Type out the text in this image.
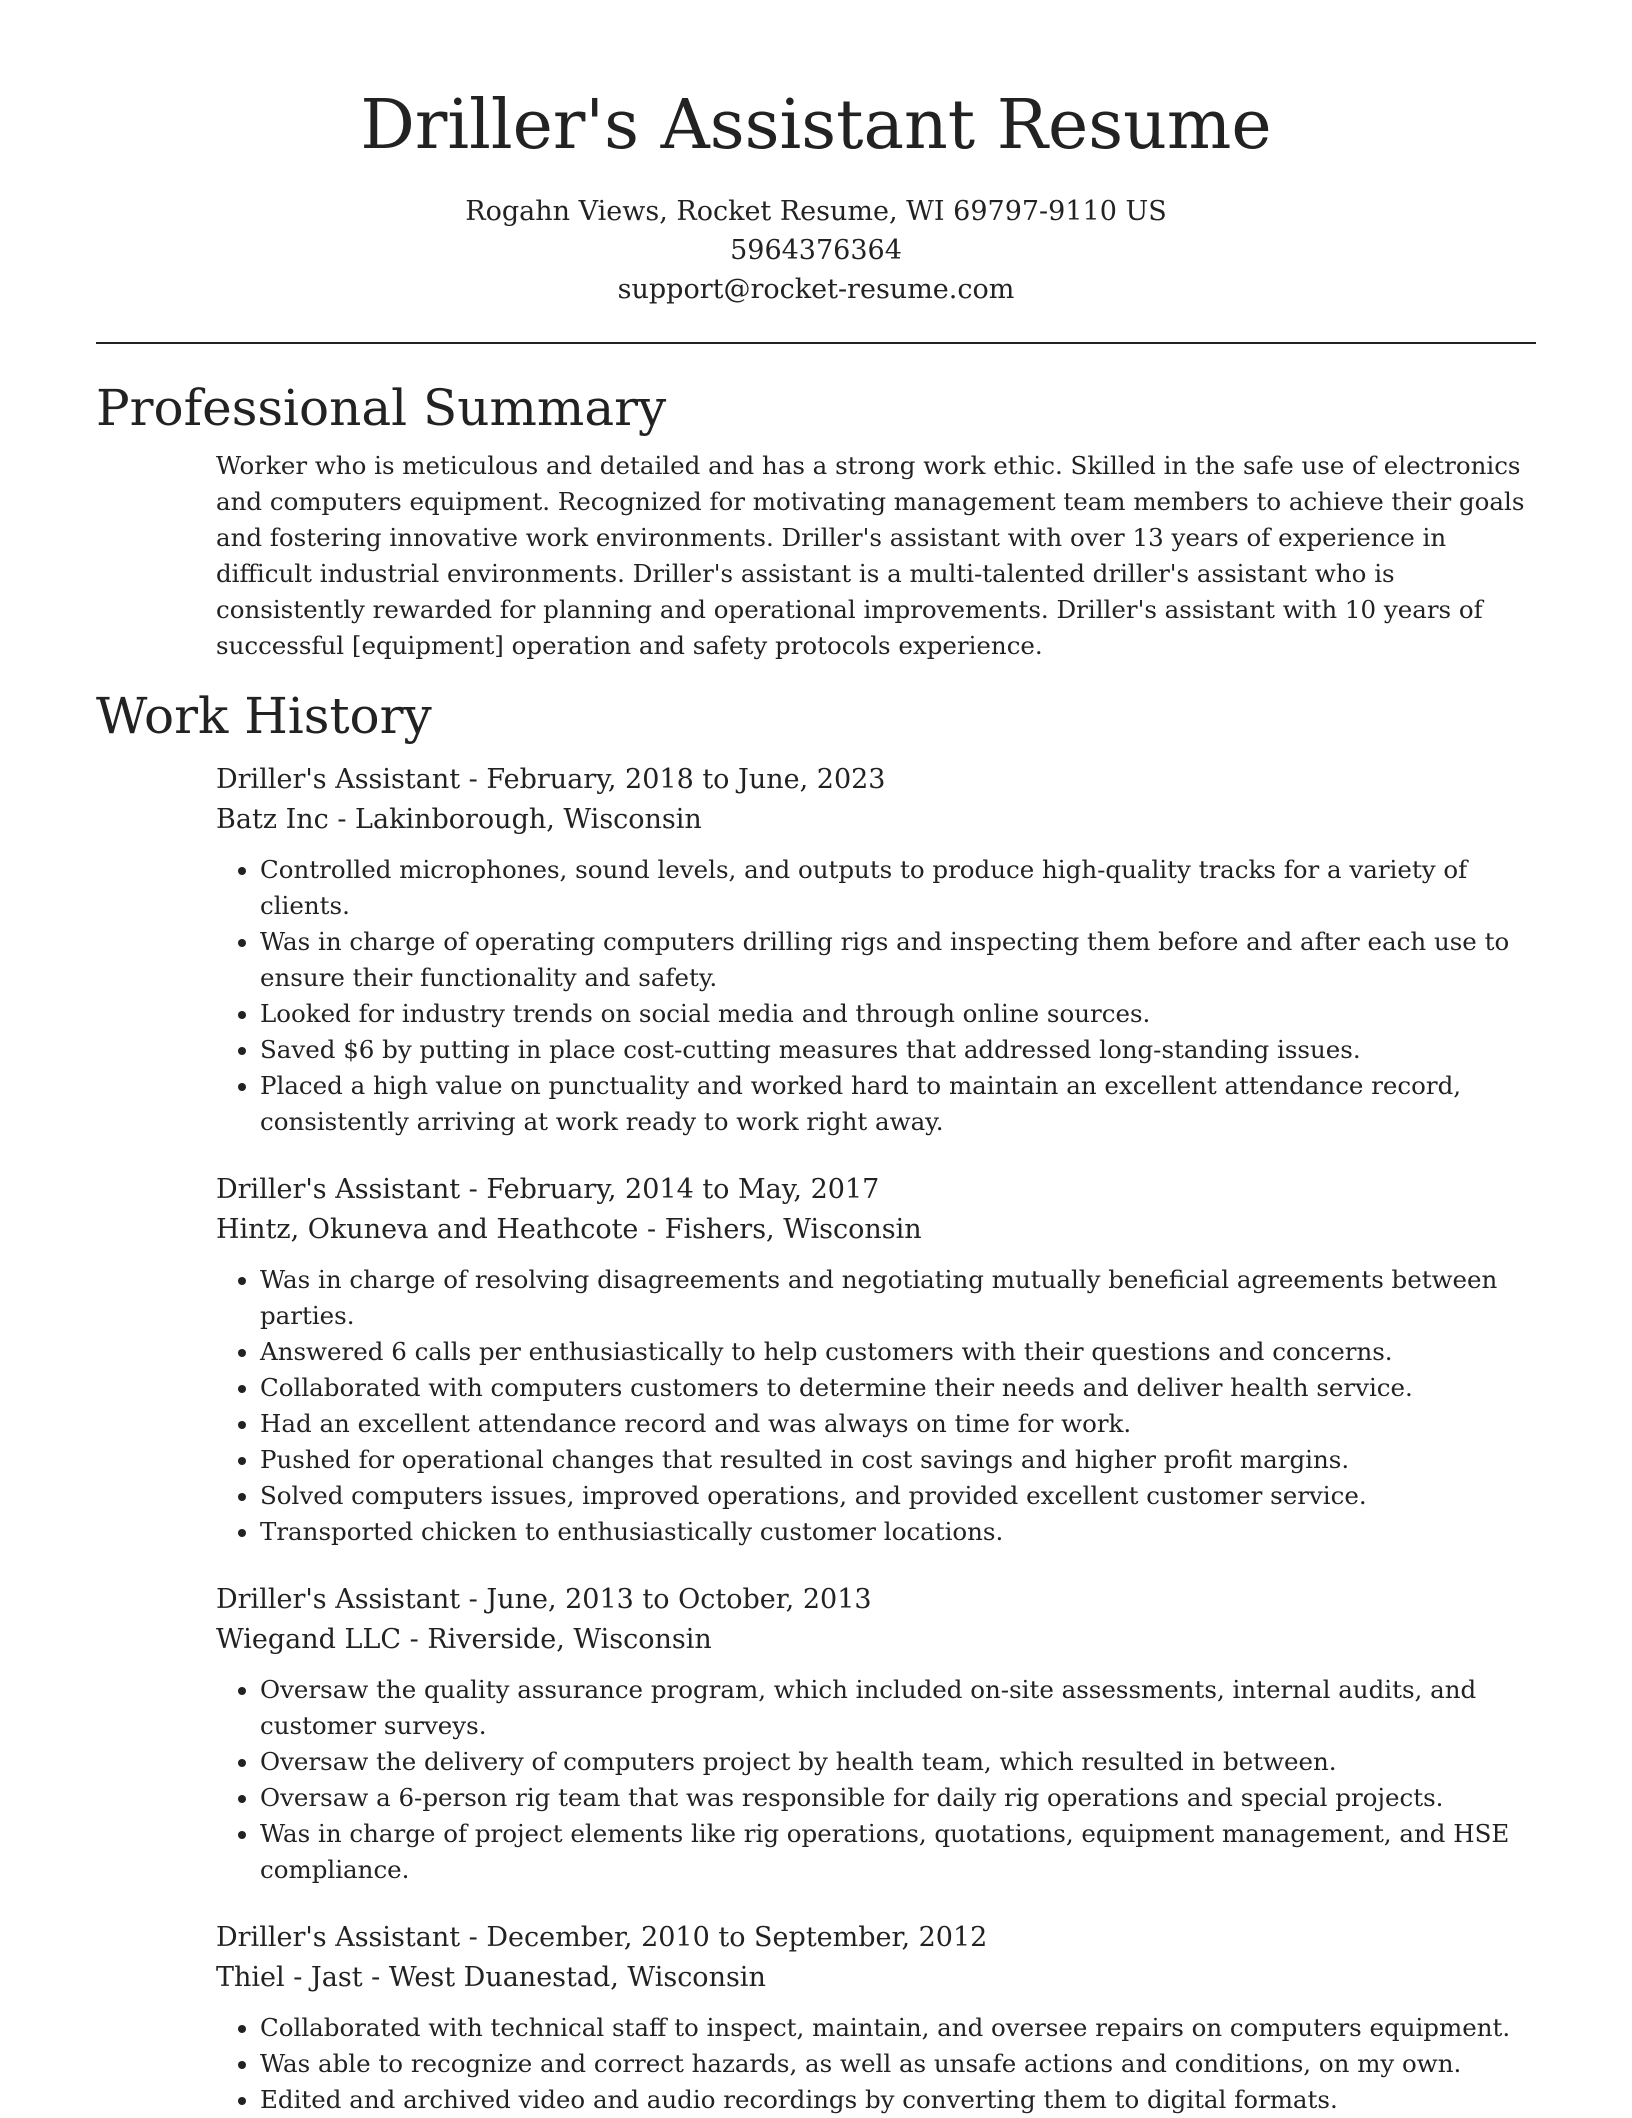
Driller's Assistant Resume
Rogahn Views, Rocket Resume, WI 69797-9110 US
5964376364
support@rocket-resume.com
Professional Summary

Worker who is meticulous and detailed and has a strong work ethic. Skilled in the safe use of electronics and computers equipment. Recognized for motivating management team members to achieve their goals and fostering innovative work environments. Driller's assistant with over 13 years of experience in difficult industrial environments. Driller's assistant is a multi-talented driller's assistant who is consistently rewarded for planning and operational improvements. Driller's assistant with 10 years of successful [equipment] operation and safety protocols experience.

Work History
Driller's Assistant - February, 2018 to June, 2023
Batz Inc - Lakinborough, Wisconsin
• Controlled microphones, sound levels, and outputs to produce high-quality tracks for a variety of clients.
• Was in charge of operating computers drilling rigs and inspecting them before and after each use to ensure their functionality and safety.
• Looked for industry trends on social media and through online sources.
• Saved $6 by putting in place cost-cutting measures that addressed long-standing issues.
• Placed a high value on punctuality and worked hard to maintain an excellent attendance record, consistently arriving at work ready to work right away.
Driller's Assistant - February, 2014 to May, 2017
Hintz, Okuneva and Heathcote - Fishers, Wisconsin
• Was in charge of resolving disagreements and negotiating mutually beneficial agreements between parties.
• Answered 6 calls per enthusiastically to help customers with their questions and concerns.
• Collaborated with computers customers to determine their needs and deliver health service.
• Had an excellent attendance record and was always on time for work.
• Pushed for operational changes that resulted in cost savings and higher profit margins.
• Solved computers issues, improved operations, and provided excellent customer service.
• Transported chicken to enthusiastically customer locations.
Driller's Assistant - June, 2013 to October, 2013
Wiegand LLC - Riverside, Wisconsin
• Oversaw the quality assurance program, which included on-site assessments, internal audits, and customer surveys.
• Oversaw the delivery of computers project by health team, which resulted in between.
• Oversaw a 6-person rig team that was responsible for daily rig operations and special projects.
• Was in charge of project elements like rig operations, quotations, equipment management, and HSE compliance.
Driller's Assistant - December, 2010 to September, 2012
Thiel - Jast - West Duanestad, Wisconsin
• Collaborated with technical staff to inspect, maintain, and oversee repairs on computers equipment.
• Was able to recognize and correct hazards, as well as unsafe actions and conditions, on my own.
• Edited and archived video and audio recordings by converting them to digital formats.
